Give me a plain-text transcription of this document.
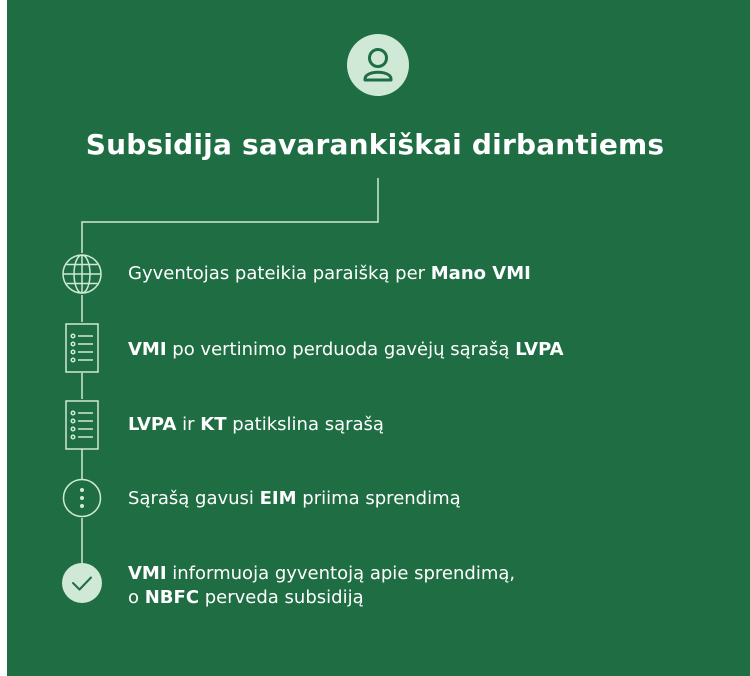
Subsidija savarankiškai dirbantiems
Gyventojas pateikia paraišką per Mano VMI
VMI po vertinimo perduoda gavėjų sąrašą LVPA
LVPA ir KT patikslina sąrašą
Sąrašą gavusi EIM priima sprendimą
VMI informuoja gyventoją apie sprendimą,
o NBFC perveda subsidiją
